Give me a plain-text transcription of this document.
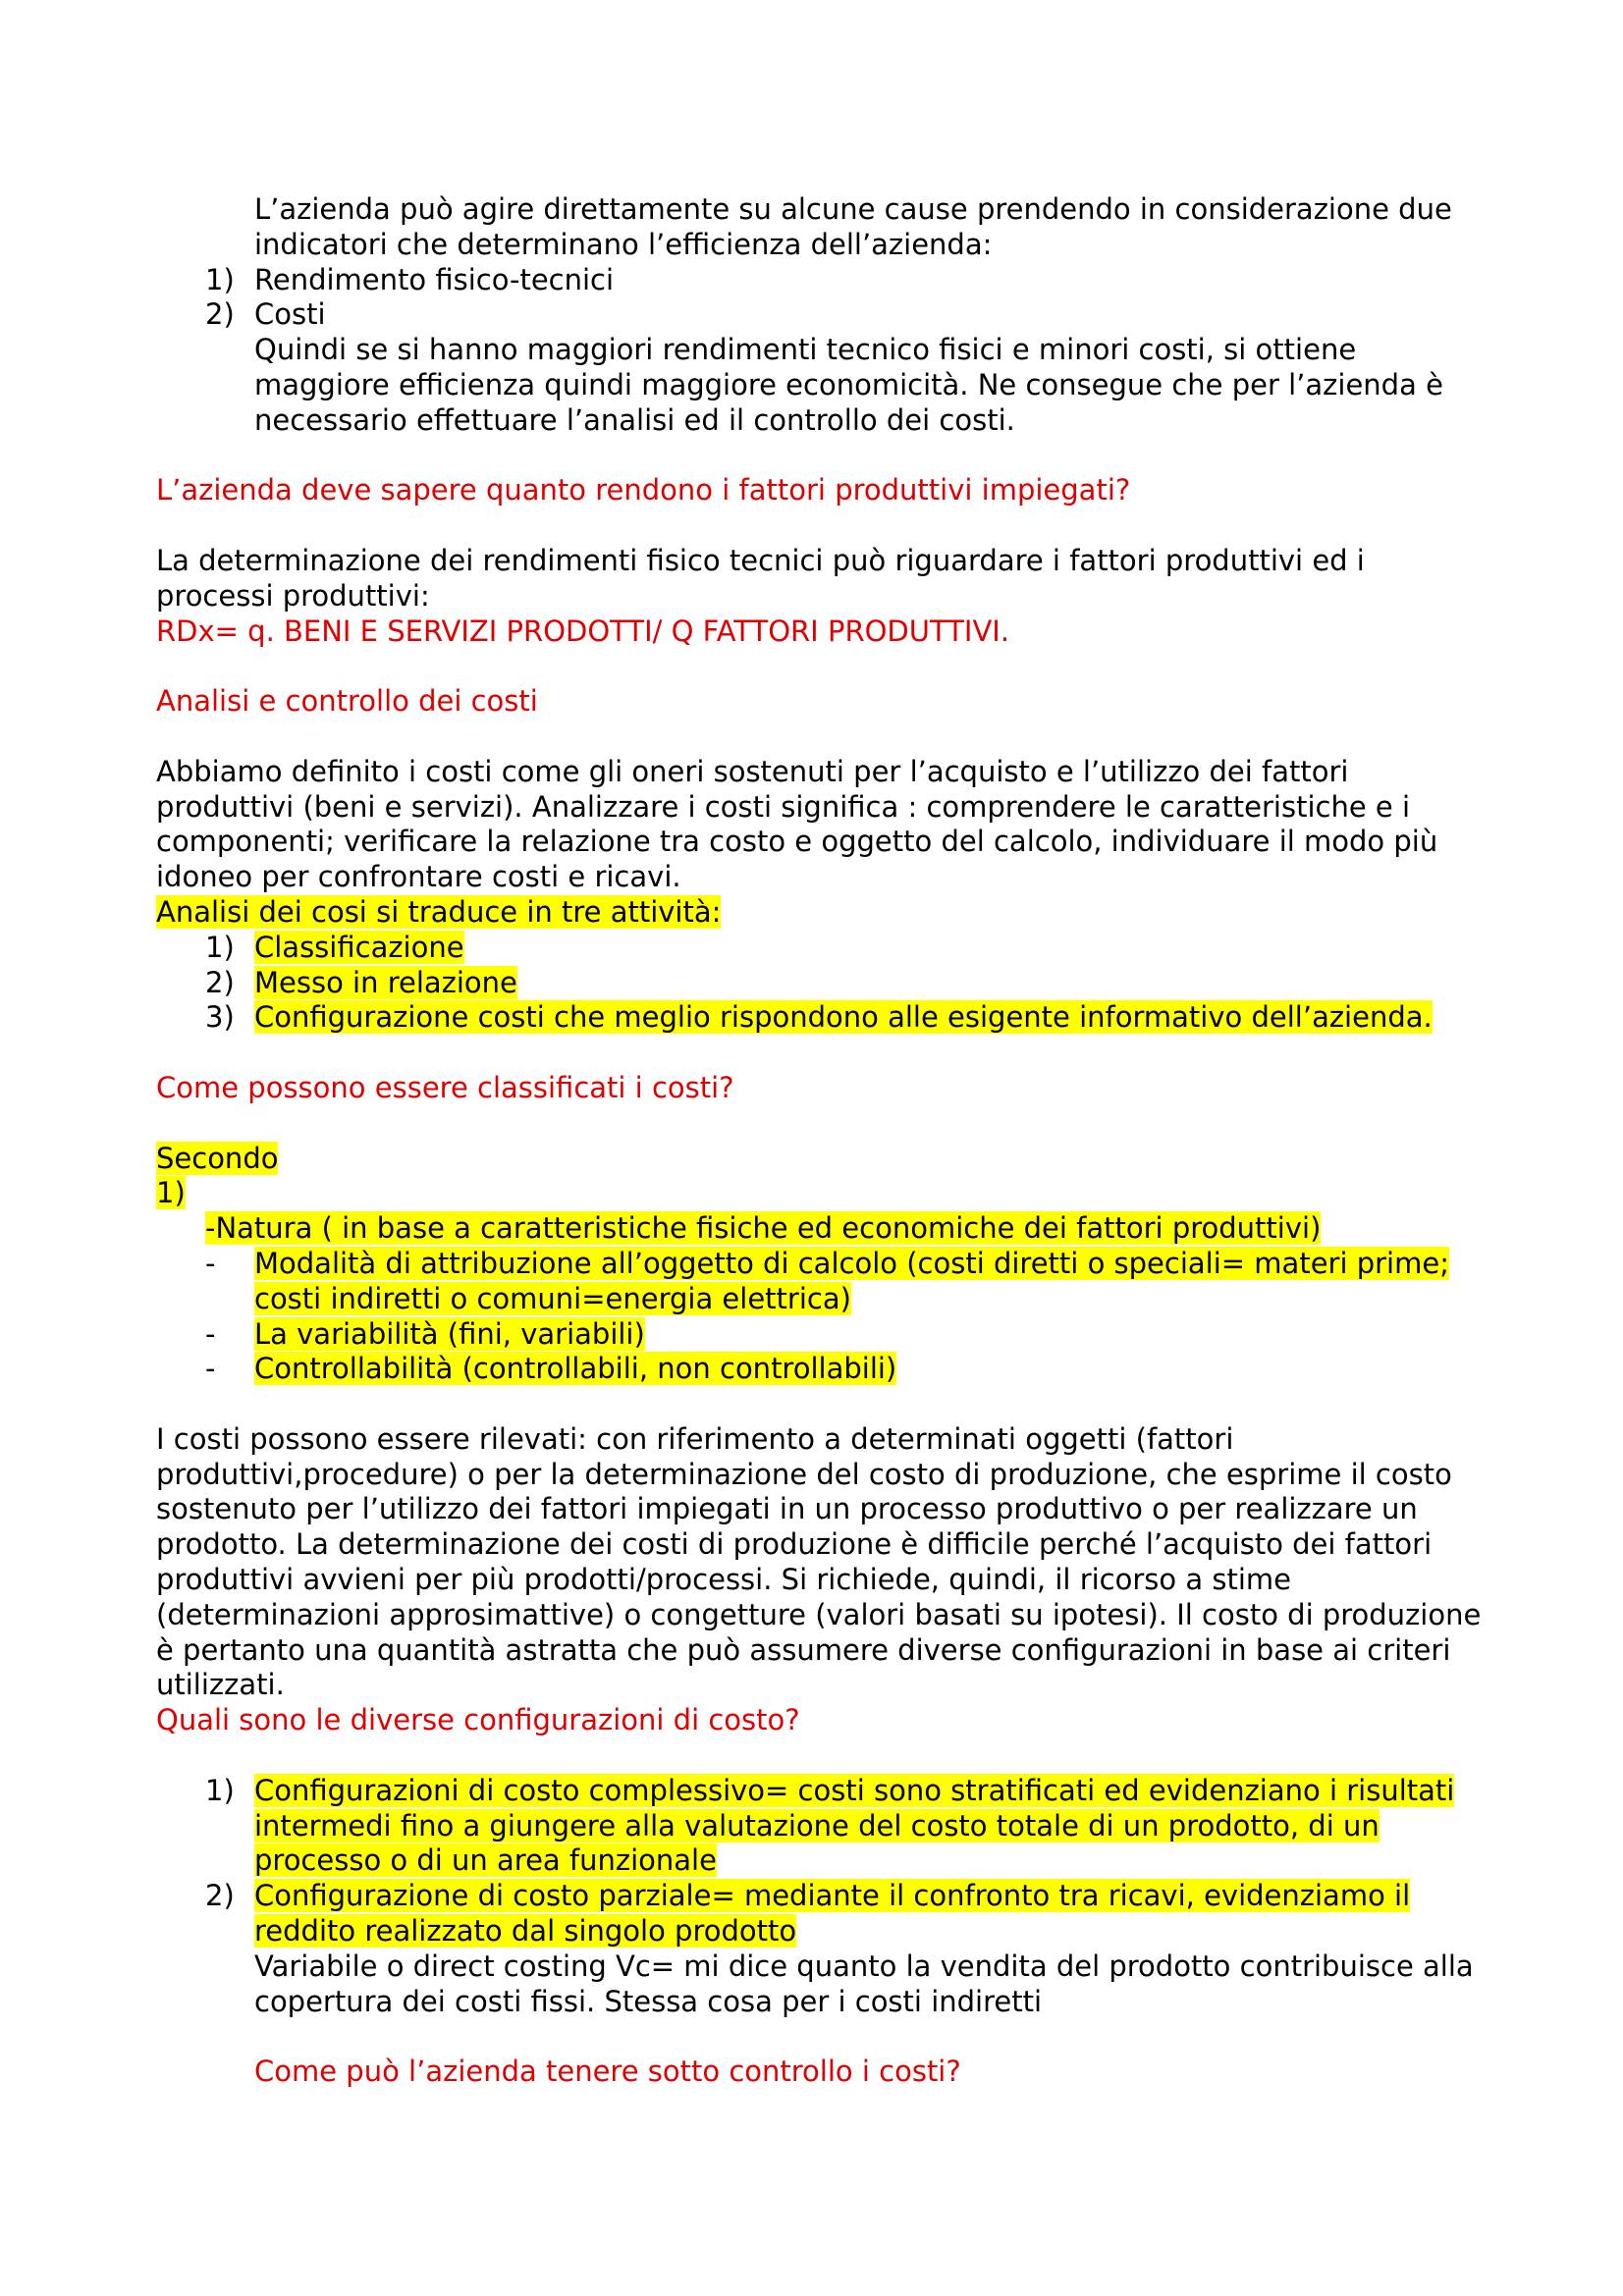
L’azienda può agire direttamente su alcune cause prendendo in considerazione due indicatori che determinano l’efficienza dell’azienda:

1) Rendimento fisico-tecnici
2) Costi

Quindi se si hanno maggiori rendimenti tecnico fisici e minori costi, si ottiene maggiore efficienza quindi maggiore economicità. Ne consegue che per l’azienda è necessario effettuare l’analisi ed il controllo dei costi.

L’azienda deve sapere quanto rendono i fattori produttivi impiegati?

La determinazione dei rendimenti fisico tecnici può riguardare i fattori produttivi ed i processi produttivi:

RDx= q. BENI E SERVIZI PRODOTTI/ Q FATTORI PRODUTTIVI.

Analisi e controllo dei costi

Abbiamo definito i costi come gli oneri sostenuti per l’acquisto e l’utilizzo dei fattori produttivi (beni e servizi). Analizzare i costi significa : comprendere le caratteristiche e i componenti; verificare la relazione tra costo e oggetto del calcolo, individuare il modo più idoneo per confrontare costi e ricavi.

Analisi dei cosi si traduce in tre attività:

1) Classificazione
2) Messo in relazione
3) Configurazione costi che meglio rispondono alle esigente informativo dell’azienda.

Come possono essere classificati i costi?

Secondo

1)

-Natura ( in base a caratteristiche fisiche ed economiche dei fattori produttivi)

-	Modalità di attribuzione all’oggetto di calcolo (costi diretti o speciali= materi prime; costi indiretti o comuni=energia elettrica)
-	La variabilità (fini, variabili)
-	Controllabilità (controllabili, non controllabili)

I costi possono essere rilevati: con riferimento a determinati oggetti (fattori produttivi,procedure) o per la determinazione del costo di produzione, che esprime il costo sostenuto per l’utilizzo dei fattori impiegati in un processo produttivo o per realizzare un prodotto. La determinazione dei costi di produzione è difficile perché l’acquisto dei fattori produttivi avvieni per più prodotti/processi. Si richiede, quindi, il ricorso a stime (determinazioni approsimattive) o congetture (valori basati su ipotesi). Il costo di produzione è pertanto una quantità astratta che può assumere diverse configurazioni in base ai criteri utilizzati.

Quali sono le diverse configurazioni di costo?

1) Configurazioni di costo complessivo= costi sono stratificati ed evidenziano i risultati intermedi fino a giungere alla valutazione del costo totale di un prodotto, di un processo o di un area funzionale
2) Configurazione di costo parziale= mediante il confronto tra ricavi, evidenziamo il reddito realizzato dal singolo prodotto

Variabile o direct costing Vc= mi dice quanto la vendita del prodotto contribuisce alla copertura dei costi fissi. Stessa cosa per i costi indiretti

Come può l’azienda tenere sotto controllo i costi?
